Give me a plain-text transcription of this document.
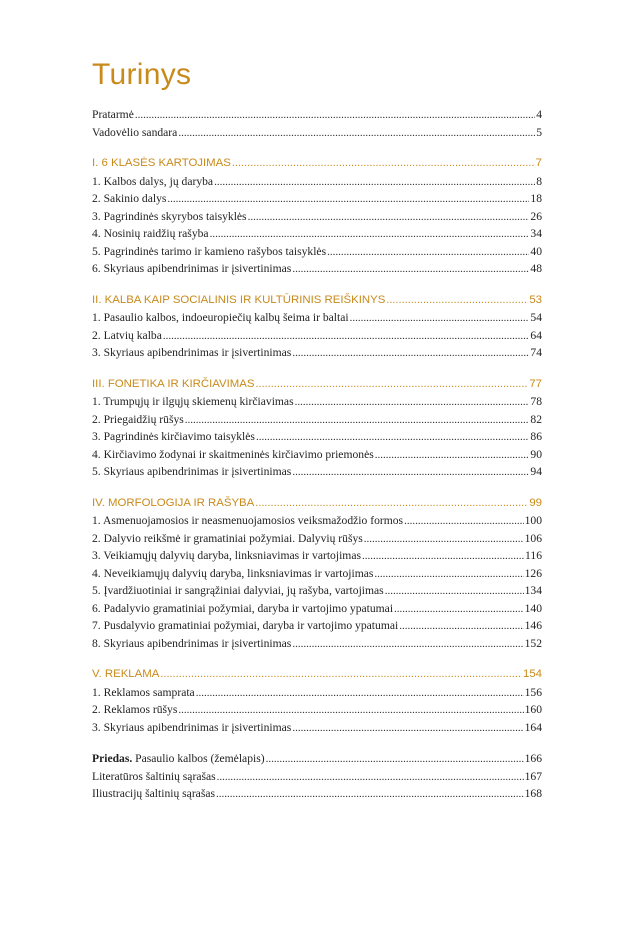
Turinys
Pratarmė .....	4
Vadovėlio sandara .....	5
I. 6 KLASĖS KARTOJIMAS .....	7
1. Kalbos dalys, jų daryba .....	8
2. Sakinio dalys .....	18
3. Pagrindinės skyrybos taisyklės .....	26
4. Nosinių raidžių rašyba .....	34
5. Pagrindinės tarimo ir kamieno rašybos taisyklės .....	40
6. Skyriaus apibendrinimas ir įsivertinimas .....	48
II. KALBA KAIP SOCIALINIS IR KULTŪRINIS REIŠKINYS .....	53
1. Pasaulio kalbos, indoeuropiečių kalbų šeima ir baltai .....	54
2. Latvių kalba .....	64
3. Skyriaus apibendrinimas ir įsivertinimas .....	74
III. FONETIKA IR KIRČIAVIMAS .....	77
1. Trumpųjų ir ilgųjų skiemenų kirčiavimas .....	78
2. Priegaidžių rūšys .....	82
3. Pagrindinės kirčiavimo taisyklės .....	86
4. Kirčiavimo žodynai ir skaitmeninės kirčiavimo priemonės .....	90
5. Skyriaus apibendrinimas ir įsivertinimas .....	94
IV. MORFOLOGIJA IR RAŠYBA .....	99
1. Asmenuojamosios ir neasmenuojamosios veiksmažodžio formos .....	100
2. Dalyvio reikšmė ir gramatiniai požymiai. Dalyvių rūšys .....	106
3. Veikiamųjų dalyvių daryba, linksniavimas ir vartojimas .....	116
4. Neveikiamųjų dalyvių daryba, linksniavimas ir vartojimas .....	126
5. Įvardžiuotiniai ir sangrąžiniai dalyviai, jų rašyba, vartojimas .....	134
6. Padalyvio gramatiniai požymiai, daryba ir vartojimo ypatumai .....	140
7. Pusdalyvio gramatiniai požymiai, daryba ir vartojimo ypatumai .....	146
8. Skyriaus apibendrinimas ir įsivertinimas .....	152
V. REKLAMA .....	154
1. Reklamos samprata .....	156
2. Reklamos rūšys .....	160
3. Skyriaus apibendrinimas ir įsivertinimas .....	164
Priedas. Pasaulio kalbos (žemėlapis) .....	166
Literatūros šaltinių sąrašas .....	167
Iliustracijų šaltinių sąrašas .....	168
